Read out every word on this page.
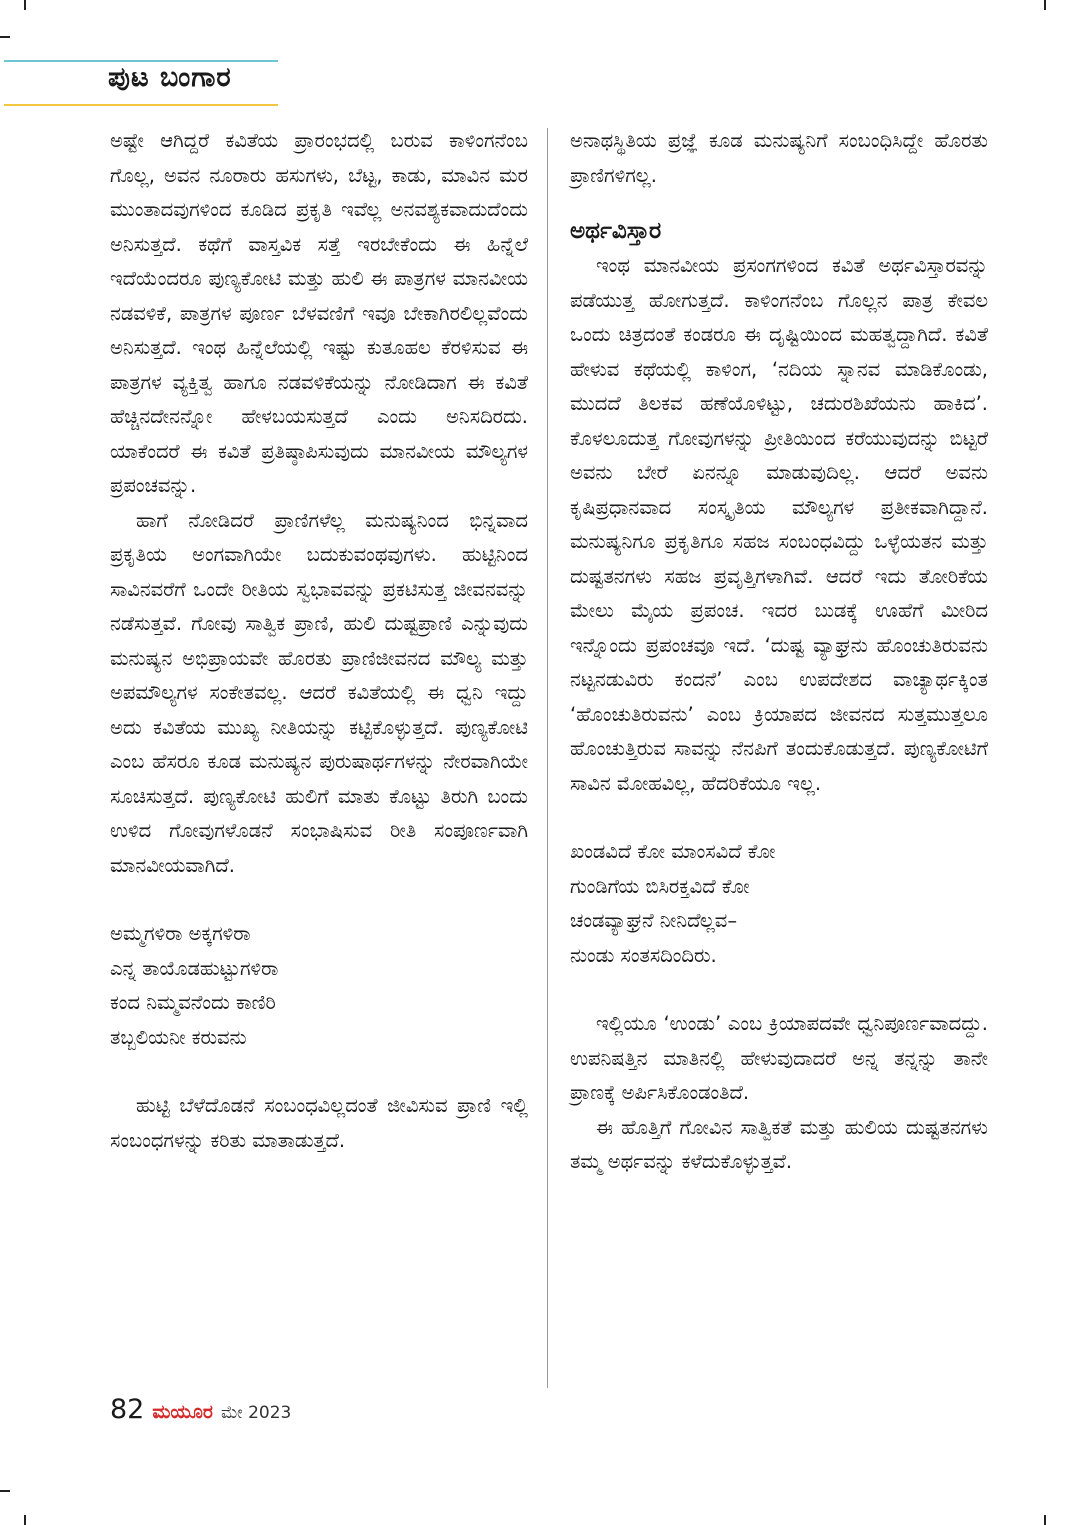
ಪುಟ ಬಂಗಾರ

ಅಷ್ಟೇ ಆಗಿದ್ದರೆ ಕವಿತೆಯ ಪ್ರಾರಂಭದಲ್ಲಿ ಬರುವ ಕಾಳಿಂಗನೆಂಬ ಗೊಲ್ಲ, ಅವನ ನೂರಾರು ಹಸುಗಳು, ಬೆಟ್ಟ, ಕಾಡು, ಮಾವಿನ ಮರ ಮುಂತಾದವುಗಳಿಂದ ಕೂಡಿದ ಪ್ರಕೃತಿ ಇವೆಲ್ಲ ಅನವಶ್ಯಕವಾದುದೆಂದು ಅನಿಸುತ್ತದೆ. ಕಥೆಗೆ ವಾಸ್ತವಿಕ ಸತ್ತೆ ಇರಬೇಕೆಂದು ಈ ಹಿನ್ನೆಲೆ ಇದೆಯೆಂದರೂ ಪುಣ್ಯಕೋಟಿ ಮತ್ತು ಹುಲಿ ಈ ಪಾತ್ರಗಳ ಮಾನವೀಯ ನಡವಳಿಕೆ, ಪಾತ್ರಗಳ ಪೂರ್ಣ ಬೆಳವಣಿಗೆ ಇವೂ ಬೇಕಾಗಿರಲಿಲ್ಲವೆಂದು ಅನಿಸುತ್ತದೆ. ಇಂಥ ಹಿನ್ನೆಲೆಯಲ್ಲಿ ಇಷ್ಟು ಕುತೂಹಲ ಕೆರಳಿಸುವ ಈ ಪಾತ್ರಗಳ ವ್ಯಕ್ತಿತ್ವ ಹಾಗೂ ನಡವಳಿಕೆಯನ್ನು ನೋಡಿದಾಗ ಈ ಕವಿತೆ ಹೆಚ್ಚಿನದೇನನ್ನೋ ಹೇಳಬಯಸುತ್ತದೆ ಎಂದು ಅನಿಸದಿರದು. ಯಾಕೆಂದರೆ ಈ ಕವಿತೆ ಪ್ರತಿಷ್ಠಾಪಿಸುವುದು ಮಾನವೀಯ ಮೌಲ್ಯಗಳ ಪ್ರಪಂಚವನ್ನು.

ಹಾಗೆ ನೋಡಿದರೆ ಪ್ರಾಣಿಗಳೆಲ್ಲ ಮನುಷ್ಯನಿಂದ ಭಿನ್ನವಾದ ಪ್ರಕೃತಿಯ ಅಂಗವಾಗಿಯೇ ಬದುಕುವಂಥವುಗಳು. ಹುಟ್ಟಿನಿಂದ ಸಾವಿನವರೆಗೆ ಒಂದೇ ರೀತಿಯ ಸ್ವಭಾವವನ್ನು ಪ್ರಕಟಿಸುತ್ತ ಜೀವನವನ್ನು ನಡೆಸುತ್ತವೆ. ಗೋವು ಸಾತ್ವಿಕ ಪ್ರಾಣಿ, ಹುಲಿ ದುಷ್ಟಪ್ರಾಣಿ ಎನ್ನುವುದು ಮನುಷ್ಯನ ಅಭಿಪ್ರಾಯವೇ ಹೊರತು ಪ್ರಾಣಿಜೀವನದ ಮೌಲ್ಯ ಮತ್ತು ಅಪಮೌಲ್ಯಗಳ ಸಂಕೇತವಲ್ಲ. ಆದರೆ ಕವಿತೆಯಲ್ಲಿ ಈ ಧ್ವನಿ ಇದ್ದು ಅದು ಕವಿತೆಯ ಮುಖ್ಯ ನೀತಿಯನ್ನು ಕಟ್ಟಿಕೊಳ್ಳುತ್ತದೆ. ಪುಣ್ಯಕೋಟಿ ಎಂಬ ಹೆಸರೂ ಕೂಡ ಮನುಷ್ಯನ ಪುರುಷಾರ್ಥಗಳನ್ನು ನೇರವಾಗಿಯೇ ಸೂಚಿಸುತ್ತದೆ. ಪುಣ್ಯಕೋಟಿ ಹುಲಿಗೆ ಮಾತು ಕೊಟ್ಟು ತಿರುಗಿ ಬಂದು ಉಳಿದ ಗೋವುಗಳೊಡನೆ ಸಂಭಾಷಿಸುವ ರೀತಿ ಸಂಪೂರ್ಣವಾಗಿ ಮಾನವೀಯವಾಗಿದೆ.

ಅಮ್ಮಗಳಿರಾ ಅಕ್ಕಗಳಿರಾ

ಎನ್ನ ತಾಯೊಡಹುಟ್ಟುಗಳಿರಾ

ಕಂದ ನಿಮ್ಮವನೆಂದು ಕಾಣಿರಿ

ತಬ್ಬಲಿಯನೀ ಕರುವನು

ಹುಟ್ಟಿ ಬೆಳೆದೊಡನೆ ಸಂಬಂಧವಿಲ್ಲದಂತೆ ಜೀವಿಸುವ ಪ್ರಾಣಿ ಇಲ್ಲಿ ಸಂಬಂಧಗಳನ್ನು ಕರಿತು ಮಾತಾಡುತ್ತದೆ.

ಅನಾಥಸ್ಥಿತಿಯ ಪ್ರಜ್ಞೆ ಕೂಡ ಮನುಷ್ಯನಿಗೆ ಸಂಬಂಧಿಸಿದ್ದೇ ಹೊರತು ಪ್ರಾಣಿಗಳಿಗಲ್ಲ.

ಅರ್ಥವಿಸ್ತಾರ

ಇಂಥ ಮಾನವೀಯ ಪ್ರಸಂಗಗಳಿಂದ ಕವಿತೆ ಅರ್ಥವಿಸ್ತಾರವನ್ನು ಪಡೆಯುತ್ತ ಹೋಗುತ್ತದೆ. ಕಾಳಿಂಗನೆಂಬ ಗೊಲ್ಲನ ಪಾತ್ರ ಕೇವಲ ಒಂದು ಚಿತ್ರದಂತೆ ಕಂಡರೂ ಈ ದೃಷ್ಟಿಯಿಂದ ಮಹತ್ವದ್ದಾಗಿದೆ. ಕವಿತೆ ಹೇಳುವ ಕಥೆಯಲ್ಲಿ ಕಾಳಿಂಗ, ‘ನದಿಯ ಸ್ನಾನವ ಮಾಡಿಕೊಂಡು, ಮುದದೆ ತಿಲಕವ ಹಣೆಯೊಳಿಟ್ಟು, ಚದುರಶಿಖೆಯನು ಹಾಕಿದ’. ಕೊಳಲೂದುತ್ತ ಗೋವುಗಳನ್ನು ಪ್ರೀತಿಯಿಂದ ಕರೆಯುವುದನ್ನು ಬಿಟ್ಟರೆ ಅವನು ಬೇರೆ ಏನನ್ನೂ ಮಾಡುವುದಿಲ್ಲ. ಆದರೆ ಅವನು ಕೃಷಿಪ್ರಧಾನವಾದ ಸಂಸ್ಕೃತಿಯ ಮೌಲ್ಯಗಳ ಪ್ರತೀಕವಾಗಿದ್ದಾನೆ. ಮನುಷ್ಯನಿಗೂ ಪ್ರಕೃತಿಗೂ ಸಹಜ ಸಂಬಂಧವಿದ್ದು ಒಳ್ಳೆಯತನ ಮತ್ತು ದುಷ್ಟತನಗಳು ಸಹಜ ಪ್ರವೃತ್ತಿಗಳಾಗಿವೆ. ಆದರೆ ಇದು ತೋರಿಕೆಯ ಮೇಲು ಮೈಯ ಪ್ರಪಂಚ. ಇದರ ಬುಡಕ್ಕೆ ಊಹೆಗೆ ಮೀರಿದ ಇನ್ನೊಂದು ಪ್ರಪಂಚವೂ ಇದೆ. ‘ದುಷ್ಟ ವ್ಯಾಘ್ರನು ಹೊಂಚುತಿರುವನು ನಟ್ಟನಡುವಿರು ಕಂದನೆ’ ಎಂಬ ಉಪದೇಶದ ವಾಚ್ಯಾರ್ಥಕ್ಕಿಂತ ‘ಹೊಂಚುತಿರುವನು’ ಎಂಬ ಕ್ರಿಯಾಪದ ಜೀವನದ ಸುತ್ತಮುತ್ತಲೂ ಹೊಂಚುತ್ತಿರುವ ಸಾವನ್ನು ನೆನಪಿಗೆ ತಂದುಕೊಡುತ್ತದೆ. ಪುಣ್ಯಕೋಟಿಗೆ ಸಾವಿನ ಮೋಹವಿಲ್ಲ, ಹೆದರಿಕೆಯೂ ಇಲ್ಲ.

ಖಂಡವಿದೆ ಕೋ ಮಾಂಸವಿದೆ ಕೋ

ಗುಂಡಿಗೆಯ ಬಿಸಿರಕ್ತವಿದೆ ಕೋ

ಚಂಡವ್ಯಾಘ್ರನೆ ನೀನಿದೆಲ್ಲವ–

ನುಂಡು ಸಂತಸದಿಂದಿರು.

ಇಲ್ಲಿಯೂ ‘ಉಂಡು’ ಎಂಬ ಕ್ರಿಯಾಪದವೇ ಧ್ವನಿಪೂರ್ಣವಾದದ್ದು. ಉಪನಿಷತ್ತಿನ ಮಾತಿನಲ್ಲಿ ಹೇಳುವುದಾದರೆ ಅನ್ನ ತನ್ನನ್ನು ತಾನೇ ಪ್ರಾಣಕ್ಕೆ ಅರ್ಪಿಸಿಕೊಂಡಂತಿದೆ.

ಈ ಹೊತ್ತಿಗೆ ಗೋವಿನ ಸಾತ್ವಿಕತೆ ಮತ್ತು ಹುಲಿಯ ದುಷ್ಟತನಗಳು ತಮ್ಮ ಅರ್ಥವನ್ನು ಕಳೆದುಕೊಳ್ಳುತ್ತವೆ.

82 ಮಯೂರ ಮೇ 2023
